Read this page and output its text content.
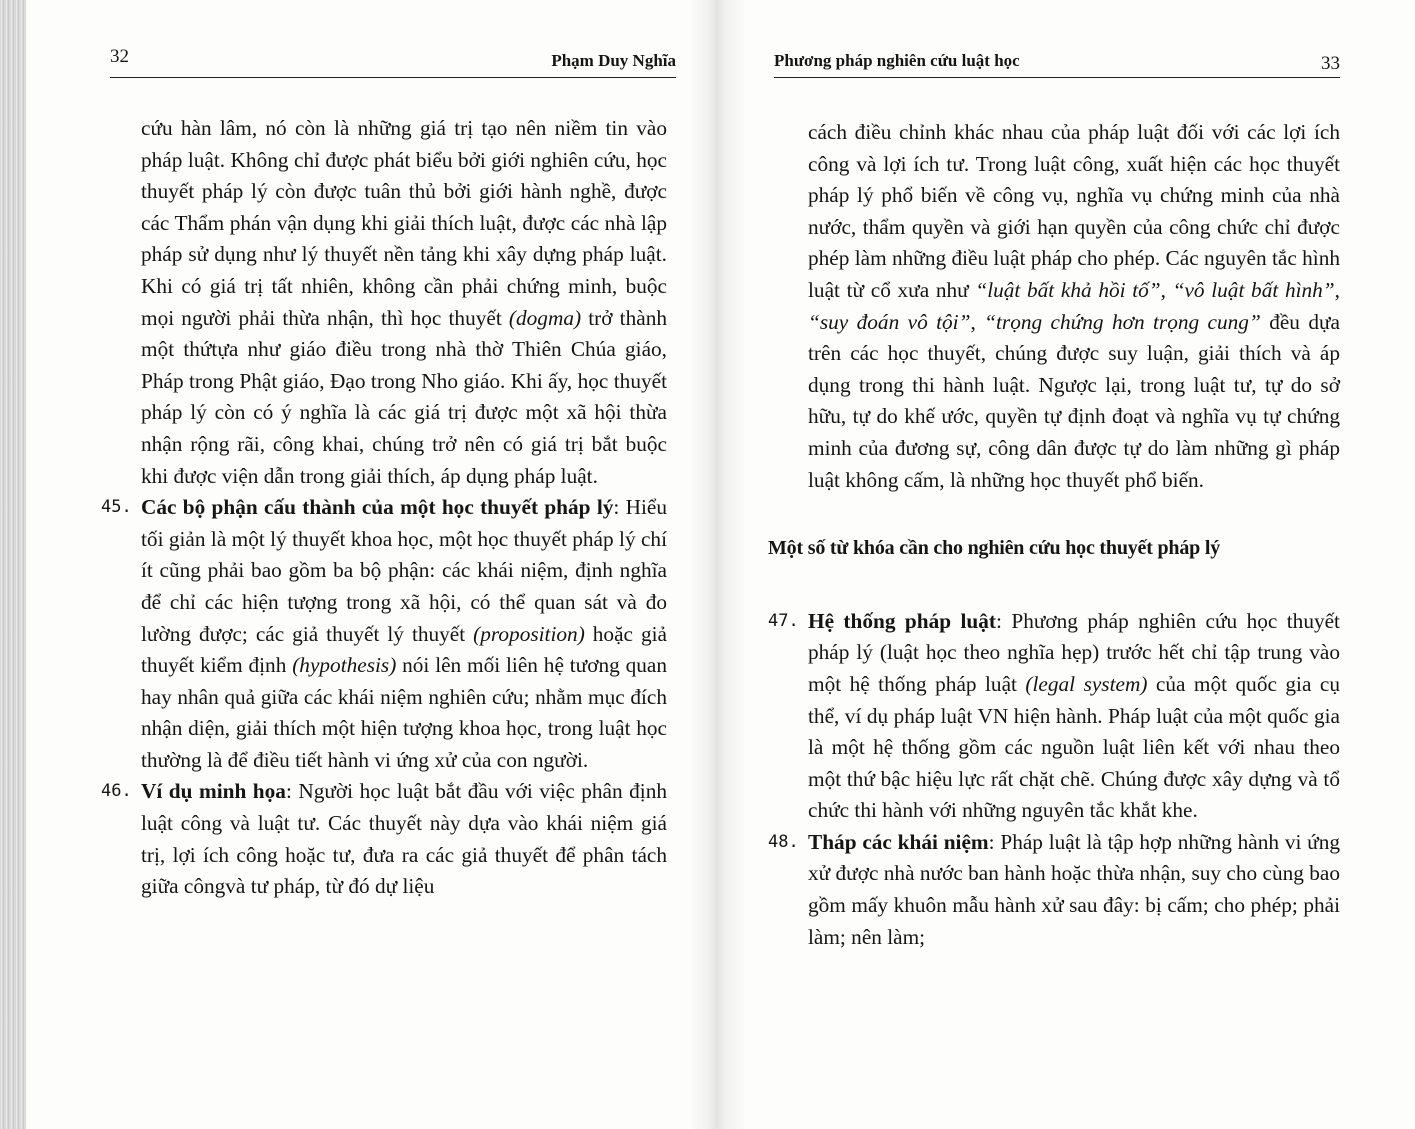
32	Phạm Duy Nghĩa

cứu hàn lâm, nó còn là những giá trị tạo nên niềm tin vào pháp luật. Không chỉ được phát biểu bởi giới nghiên cứu, học thuyết pháp lý còn được tuân thủ bởi giới hành nghề, được các Thẩm phán vận dụng khi giải thích luật, được các nhà lập pháp sử dụng như lý thuyết nền tảng khi xây dựng pháp luật. Khi có giá trị tất nhiên, không cần phải chứng minh, buộc mọi người phải thừa nhận, thì học thuyết (dogma) trở thành một thứtựa như giáo điều trong nhà thờ Thiên Chúa giáo, Pháp trong Phật giáo, Đạo trong Nho giáo. Khi ấy, học thuyết pháp lý còn có ý nghĩa là các giá trị được một xã hội thừa nhận rộng rãi, công khai, chúng trở nên có giá trị bắt buộc khi được viện dẫn trong giải thích, áp dụng pháp luật.

45. Các bộ phận cấu thành của một học thuyết pháp lý: Hiểu tối giản là một lý thuyết khoa học, một học thuyết pháp lý chí ít cũng phải bao gồm ba bộ phận: các khái niệm, định nghĩa để chỉ các hiện tượng trong xã hội, có thể quan sát và đo lường được; các giả thuyết lý thuyết (proposition) hoặc giả thuyết kiểm định (hypothesis) nói lên mối liên hệ tương quan hay nhân quả giữa các khái niệm nghiên cứu; nhằm mục đích nhận diện, giải thích một hiện tượng khoa học, trong luật học thường là để điều tiết hành vi ứng xử của con người.
46. Ví dụ minh họa: Người học luật bắt đầu với việc phân định luật công và luật tư. Các thuyết này dựa vào khái niệm giá trị, lợi ích công hoặc tư, đưa ra các giả thuyết để phân tách giữa côngvà tư pháp, từ đó dự liệu
Phương pháp nghiên cứu luật học	33

cách điều chỉnh khác nhau của pháp luật đối với các lợi ích công và lợi ích tư. Trong luật công, xuất hiện các học thuyết pháp lý phổ biến về công vụ, nghĩa vụ chứng minh của nhà nước, thẩm quyền và giới hạn quyền của công chức chỉ được phép làm những điều luật pháp cho phép. Các nguyên tắc hình luật từ cổ xưa như “luật bất khả hồi tố”, “vô luật bất hình”, “suy đoán vô tội”, “trọng chứng hơn trọng cung” đều dựa trên các học thuyết, chúng được suy luận, giải thích và áp dụng trong thi hành luật. Ngược lại, trong luật tư, tự do sở hữu, tự do khế ước, quyền tự định đoạt và nghĩa vụ tự chứng minh của đương sự, công dân được tự do làm những gì pháp luật không cấm, là những học thuyết phổ biến.

Một số từ khóa cần cho nghiên cứu học thuyết pháp lý
47. Hệ thống pháp luật: Phương pháp nghiên cứu học thuyết pháp lý (luật học theo nghĩa hẹp) trước hết chỉ tập trung vào một hệ thống pháp luật (legal system) của một quốc gia cụ thể, ví dụ pháp luật VN hiện hành. Pháp luật của một quốc gia là một hệ thống gồm các nguồn luật liên kết với nhau theo một thứ bậc hiệu lực rất chặt chẽ. Chúng được xây dựng và tổ chức thi hành với những nguyên tắc khắt khe.
48. Tháp các khái niệm: Pháp luật là tập hợp những hành vi ứng xử được nhà nước ban hành hoặc thừa nhận, suy cho cùng bao gồm mấy khuôn mẫu hành xử sau đây: bị cấm; cho phép; phải làm; nên làm;
